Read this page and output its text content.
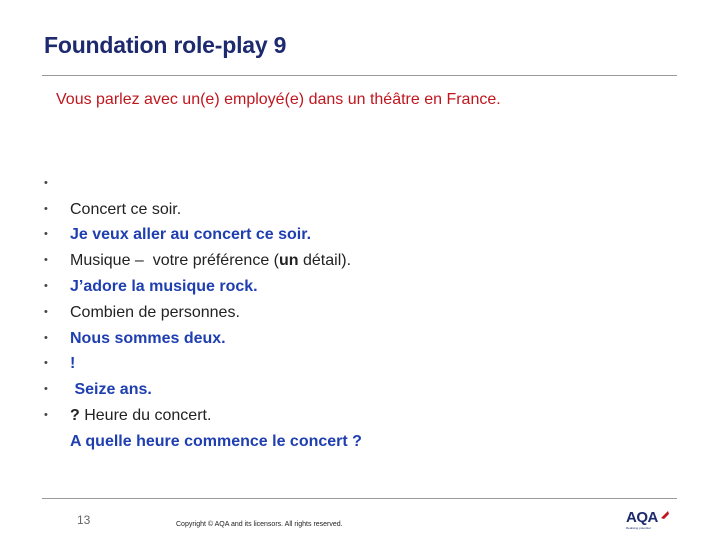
Foundation role-play 9
Vous parlez avec un(e) employé(e) dans un théâtre en France.

•

Concert ce soir.

•

Je veux aller au concert ce soir.

•

Musique –  votre préférence (un détail).

•

J’adore la musique rock.

•

Combien de personnes.

•

Nous sommes deux.

•

!

•

Seize ans.

•

? Heure du concert.

•

A quelle heure commence le concert ?

13	Copyright © AQA and its licensors. All rights reserved.	AQA
Realising potential
